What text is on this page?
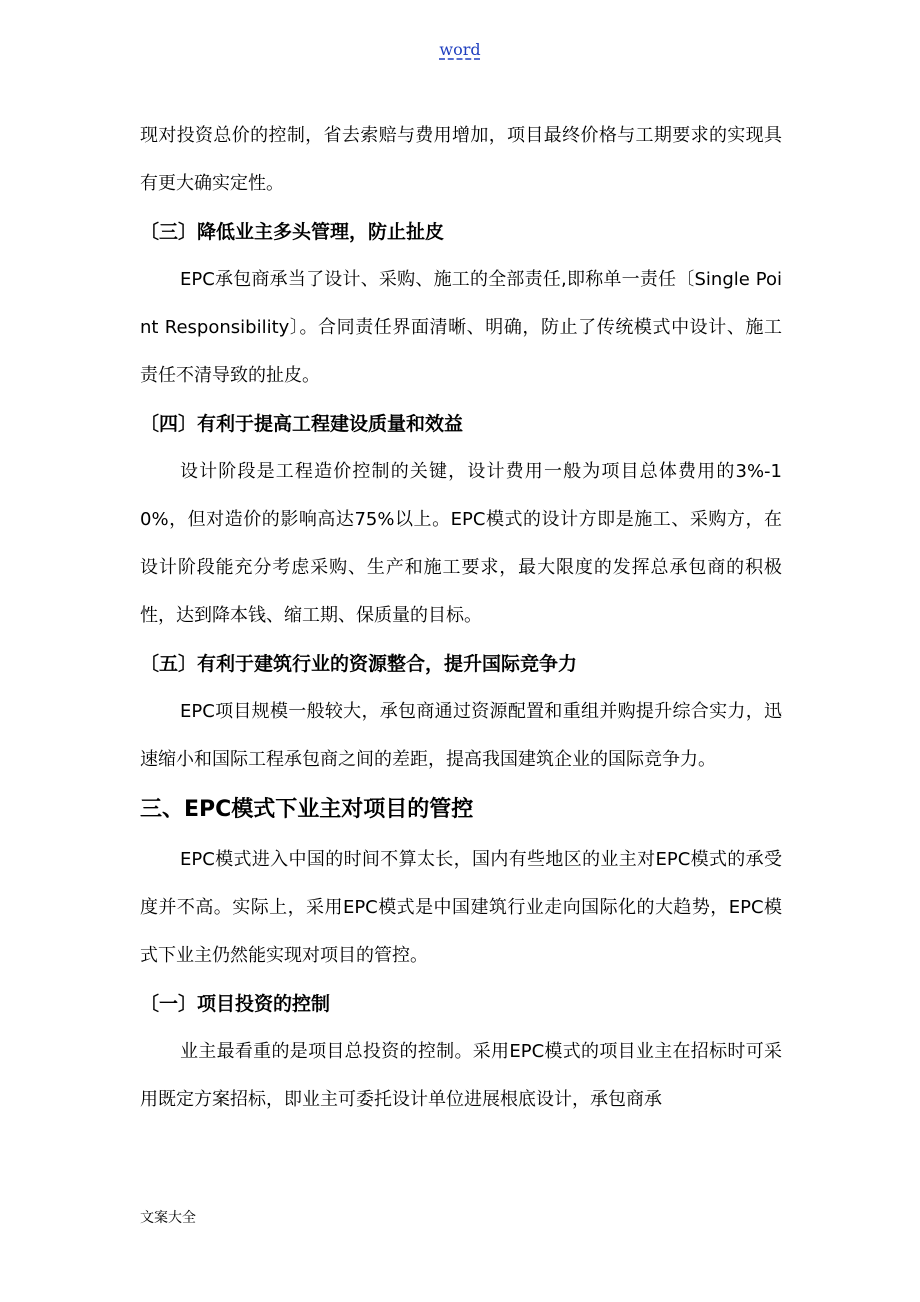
word

现对投资总价的控制，省去索赔与费用增加，项目最终价格与工期要求的实现具有更大确实定性。

〔三〕降低业主多头管理，防止扯皮

EPC承包商承当了设计、采购、施工的全部责任,即称单一责任〔Single Point Responsibility〕。合同责任界面清晰、明确，防止了传统模式中设计、施工责任不清导致的扯皮。

〔四〕有利于提高工程建设质量和效益

设计阶段是工程造价控制的关键，设计费用一般为项目总体费用的3%-10%，但对造价的影响高达75%以上。EPC模式的设计方即是施工、采购方，在设计阶段能充分考虑采购、生产和施工要求，最大限度的发挥总承包商的积极性，达到降本钱、缩工期、保质量的目标。

〔五〕有利于建筑行业的资源整合，提升国际竞争力

EPC项目规模一般较大，承包商通过资源配置和重组并购提升综合实力，迅速缩小和国际工程承包商之间的差距，提高我国建筑企业的国际竞争力。

三、EPC模式下业主对项目的管控

EPC模式进入中国的时间不算太长，国内有些地区的业主对EPC模式的承受度并不高。实际上，采用EPC模式是中国建筑行业走向国际化的大趋势，EPC模式下业主仍然能实现对项目的管控。

〔一〕项目投资的控制

业主最看重的是项目总投资的控制。采用EPC模式的项目业主在招标时可采用既定方案招标，即业主可委托设计单位进展根底设计，承包商承

文案大全
